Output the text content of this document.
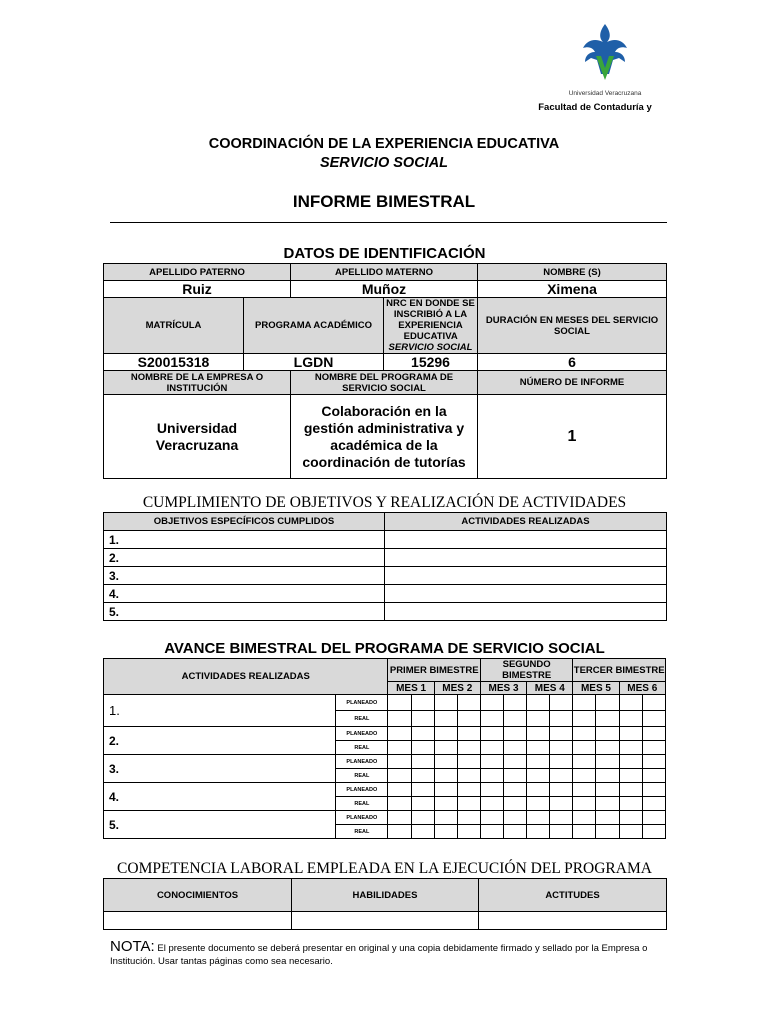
Universidad Veracruzana
Facultad de Contaduría y
COORDINACIÓN DE LA EXPERIENCIA EDUCATIVA
SERVICIO SOCIAL
INFORME BIMESTRAL
DATOS DE IDENTIFICACIÓN
APELLIDO PATERNO		APELLIDO MATERNO		NOMBRE (S)
Ruiz		Muñoz		Ximena
MATRÍCULA	PROGRAMA ACADÉMICO		NRC EN DONDE SE INSCRIBIÓ A LA EXPERIENCIA EDUCATIVA SERVICIO SOCIAL	DURACIÓN EN MESES DEL SERVICIO SOCIAL
S20015318	LGDN		15296	6
NOMBRE DE LA EMPRESA O INSTITUCIÓN		NOMBRE DEL PROGRAMA DE SERVICIO SOCIAL		NÚMERO DE INFORME
Universidad Veracruzana		Colaboración en la gestión administrativa y académica de la coordinación de tutorías		1
CUMPLIMIENTO DE OBJETIVOS Y REALIZACIÓN DE ACTIVIDADES
OBJETIVOS ESPECÍFICOS CUMPLIDOS	ACTIVIDADES REALIZADAS
1.	
2.	
3.	
4.	
5.	
AVANCE BIMESTRAL DEL PROGRAMA DE SERVICIO SOCIAL
ACTIVIDADES REALIZADAS		PRIMER BIMESTRE				SEGUNDO BIMESTRE				TERCER BIMESTRE			
		MES 1		MES 2		MES 3		MES 4		MES 5		MES 6	
1.	PLANEADO												
	REAL												
2.	PLANEADO												
	REAL												
3.	PLANEADO												
	REAL												
4.	PLANEADO												
	REAL												
5.	PLANEADO												
	REAL												
COMPETENCIA LABORAL EMPLEADA EN LA EJECUCIÓN DEL PROGRAMA
CONOCIMIENTOS	HABILIDADES	ACTITUDES

NOTA: El presente documento se deberá presentar en original y una copia debidamente firmado y sellado por la Empresa o Institución. Usar tantas páginas como sea necesario.
